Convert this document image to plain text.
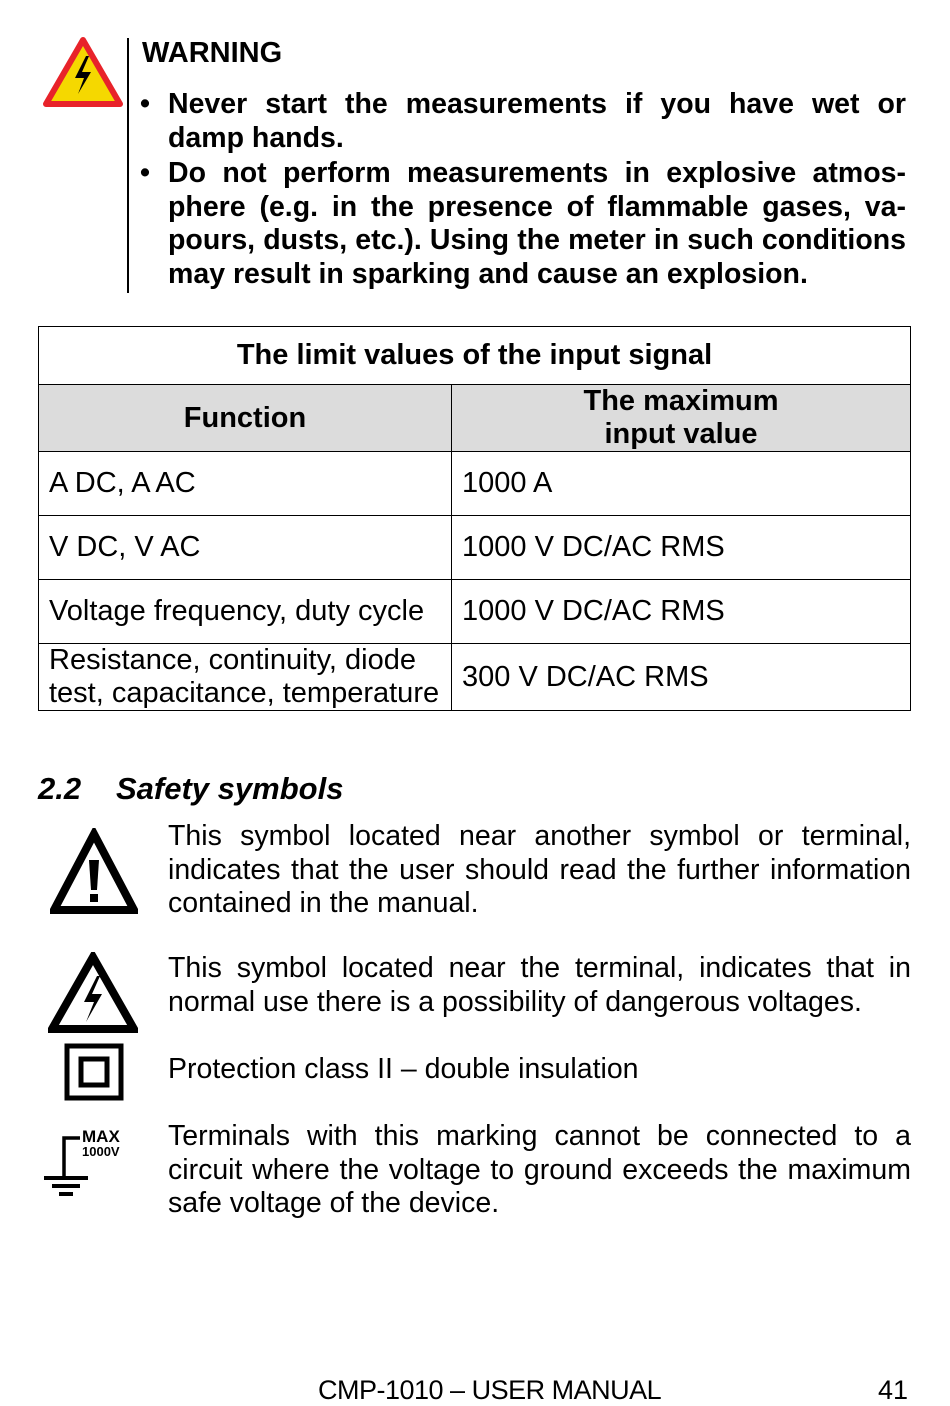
WARNING
• Never start the measurements if you have wet or damp hands.
• Do not perform measurements in explosive atmosphere (e.g. in the presence of flammable gases, vapours, dusts, etc.). Using the meter in such conditions may result in sparking and cause an explosion.
The limit values of the input signal	
Function	The maximum input value
A DC, A AC	1000 A
V DC, V AC	1000 V DC/AC RMS
Voltage frequency, duty cycle	1000 V DC/AC RMS
Resistance, continuity, diode test, capacitance, temperature	300 V DC/AC RMS
2.2 Safety symbols
This symbol located near another symbol or terminal, indicates that the user should read the further information contained in the manual.
This symbol located near the terminal, indicates that in normal use there is a possibility of dangerous voltages.
Protection class II – double insulation
MAX
1000V Terminals with this marking cannot be connected to a circuit where the voltage to ground exceeds the maximum safe voltage of the device.
CMP-1010 – USER MANUAL	41
